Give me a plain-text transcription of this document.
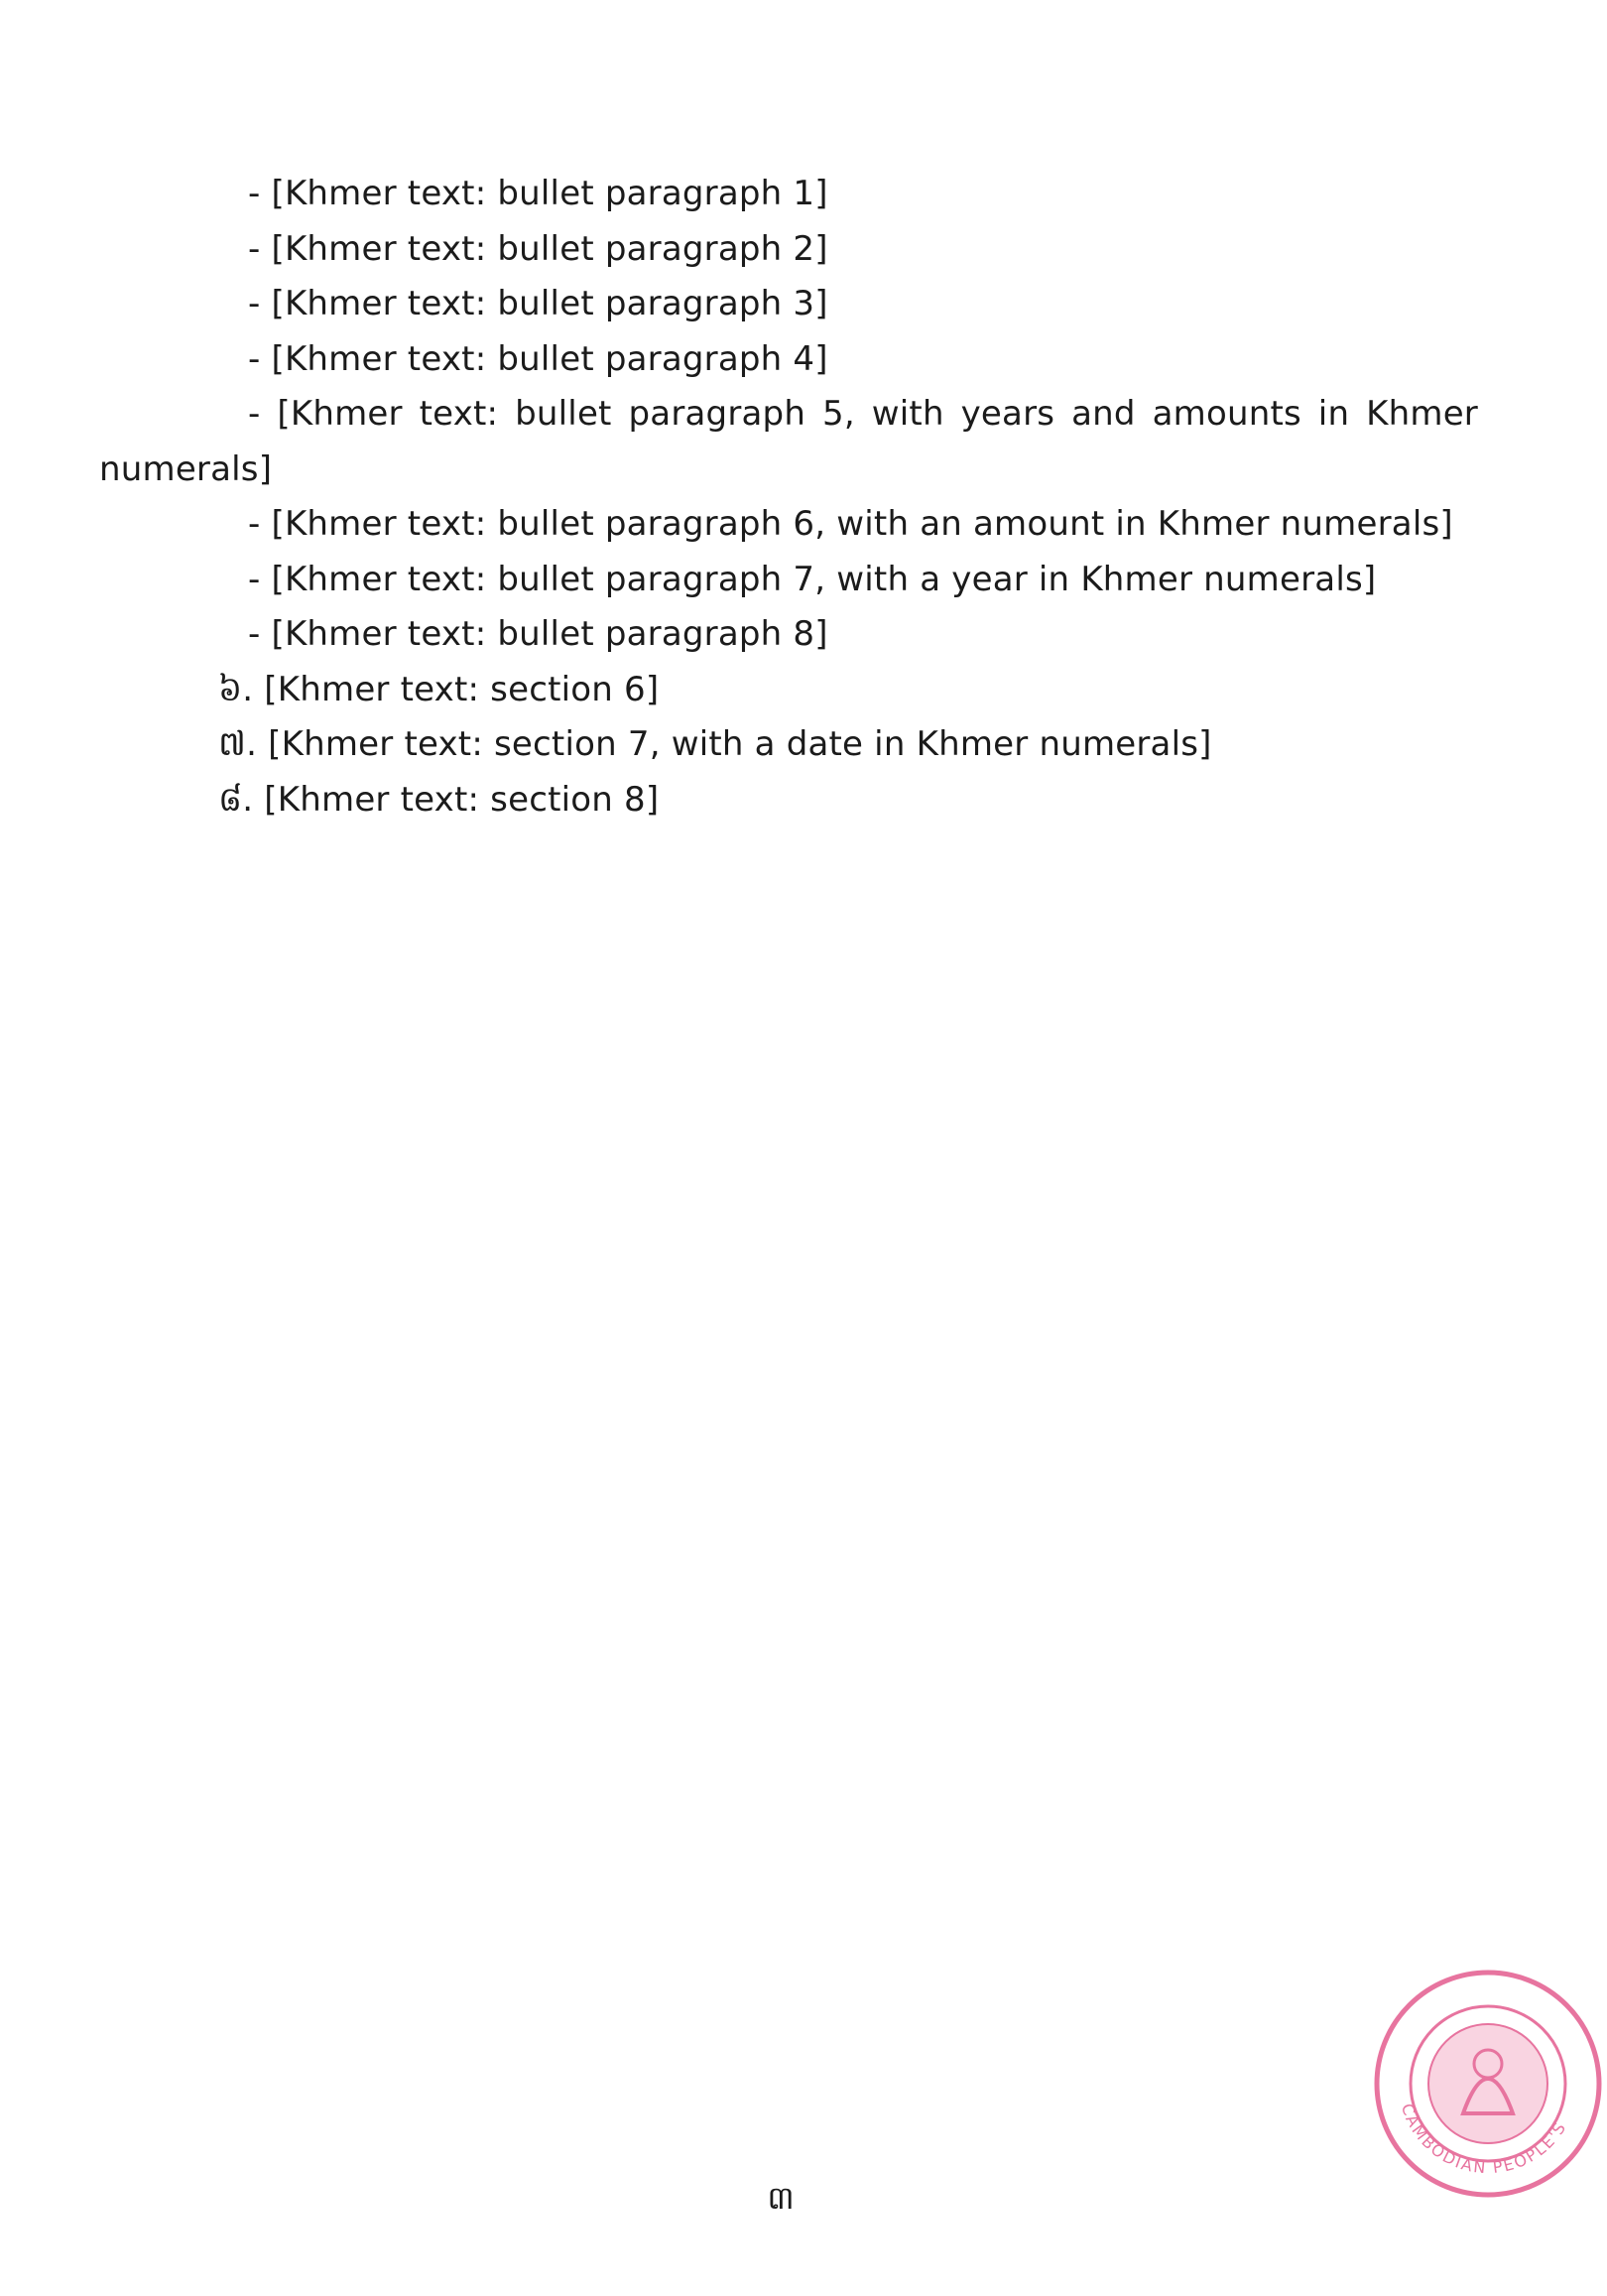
- [Khmer text: bullet paragraph 1]

- [Khmer text: bullet paragraph 2]

- [Khmer text: bullet paragraph 3]

- [Khmer text: bullet paragraph 4]

- [Khmer text: bullet paragraph 5, with years and amounts in Khmer numerals]

- [Khmer text: bullet paragraph 6, with an amount in Khmer numerals]

- [Khmer text: bullet paragraph 7, with a year in Khmer numerals]

- [Khmer text: bullet paragraph 8]

៦. [Khmer text: section 6]

៧. [Khmer text: section 7, with a date in Khmer numerals]

៨. [Khmer text: section 8]

៣
CAMBODIAN PEOPLE'S
